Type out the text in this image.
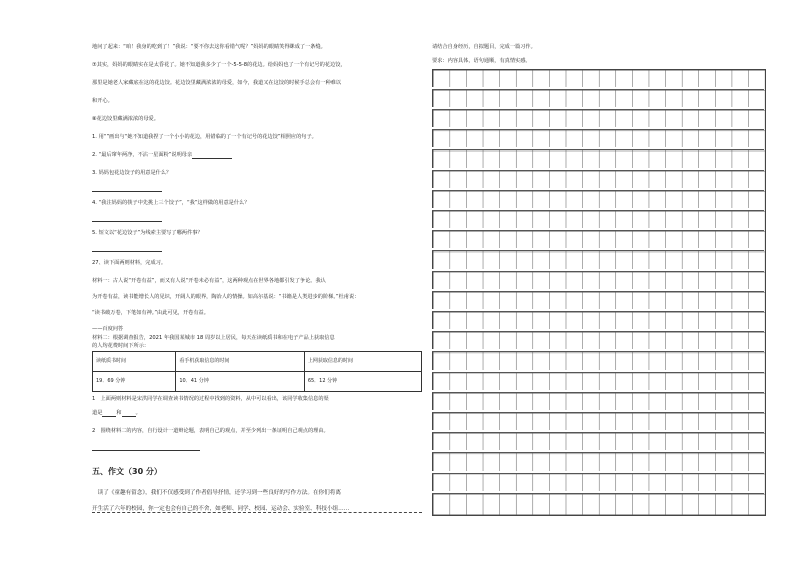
地问了起来：“咱！我身的吃到了！”我说：“要不你去这你看错气呢？”妈妈的眼睛笑得眯成了一条缝。
⑦其实，妈妈的眼睛实在是太昏花了。她不知道我多少了一个-5-5-8的花边。给妈妈也了一个有记号的花边饺，
那里是她老人家藏底在这的花边饺。花边饺里藏满浓浓的母爱，如今，我道又在这饺的时候手总会有一种难以
和开心。
⑧花边饺里藏满浓浓的母爱。
1. 用“”画出与“她不知道我捏了一个小小的花边，用错临的了一个有记号的花边饺”相照应的句子。
2. “最后窜年两净，不沾一星面粉”说明母亲
3. 妈妈包花边饺子的用意是什么？
4. “我注妈妈的筷子中先挑上三个饺子”，“我”这样做的用意是什么？
5. 短文以“花边饺子”为线索主要写了哪两件事？
27、读下面两则材料，完成习。
材料一：古人说“开卷有益”，而又有人说“开卷未必有益”，这两种观点在世界各地都引发了争论。我认
为开卷有益，读书能增长人的见识，开阔人的眼界，陶冶人的情操。如高尔基说：“书籍是人类进步的阶梯。”杜甫说：
“读书破万卷，下笔如有神。”由此可见，开卷有益。
——百度问答
材料二：根据调查报告，2021 年我国某城市 18 周岁以上居民，每天在读纸质书和在电子产品上获取信息
的人均花费时间下所示：
读纸质书时间	看手机获取信息的时间	上网获取信息的时间
19．69 分钟	10．41 分钟	65．12 分钟
1　上面两则材料是宋洪同学在调查读书情况的过程中找到的资料，从中可以看出，该同学收集信息的渠
道是	和	。
2　围绕材料二的内容，自行设计一道辩论题，表明自己的观点，并至少列出一条证明自己观点的理由。
五、作文（30 分）
　读了《童趣有留念》，我们不仅感受到了作者倡导抒情，还学习到一些良好的写作方法。在你们将离
开生活了六年的校园，你一定也会有自己的不舍，如老师、同学、校园、运动会、实验室、科技小组……
请结合自身经历，自拟题目，完成一篇习作。
要求：内容具体，语句通顺，有真情实感。
